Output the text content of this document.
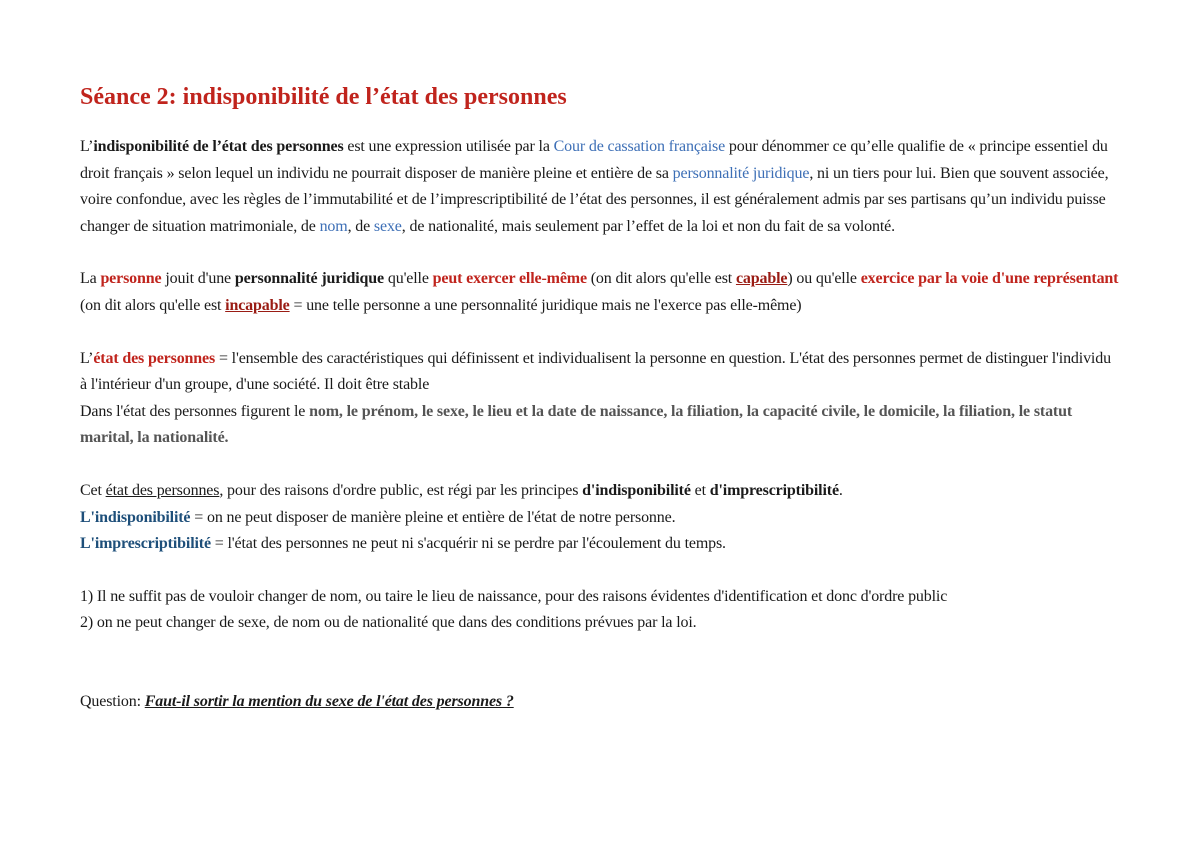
Séance 2: indisponibilité de l’état des personnes

L’indisponibilité de l’état des personnes est une expression utilisée par la Cour de cassation française pour dénommer ce qu’elle qualifie de « principe essentiel du droit français » selon lequel un individu ne pourrait disposer de manière pleine et entière de sa personnalité juridique, ni un tiers pour lui. Bien que souvent associée, voire confondue, avec les règles de l’immutabilité et de l’imprescriptibilité de l’état des personnes, il est généralement admis par ses partisans qu’un individu puisse changer de situation matrimoniale, de nom, de sexe, de nationalité, mais seulement par l’effet de la loi et non du fait de sa volonté.

La personne jouit d'une personnalité juridique qu'elle peut exercer elle-même (on dit alors qu'elle est capable) ou qu'elle exercice par la voie d'une représentant (on dit alors qu'elle est incapable = une telle personne a une personnalité juridique mais ne l'exerce pas elle-même)

L’état des personnes = l'ensemble des caractéristiques qui définissent et individualisent la personne en question. L'état des personnes permet de distinguer l'individu à l'intérieur d'un groupe, d'une société. Il doit être stable

Dans l'état des personnes figurent le nom, le prénom, le sexe, le lieu et la date de naissance, la filiation, la capacité civile, le domicile, la filiation, le statut marital, la nationalité.

Cet état des personnes, pour des raisons d'ordre public, est régi par les principes d'indisponibilité et d'imprescriptibilité.

L'indisponibilité = on ne peut disposer de manière pleine et entière de l'état de notre personne.

L'imprescriptibilité = l'état des personnes ne peut ni s'acquérir ni se perdre par l'écoulement du temps.

1) Il ne suffit pas de vouloir changer de nom, ou taire le lieu de naissance, pour des raisons évidentes d'identification et donc d'ordre public

2) on ne peut changer de sexe, de nom ou de nationalité que dans des conditions prévues par la loi.

Question: Faut-il sortir la mention du sexe de l'état des personnes ?
